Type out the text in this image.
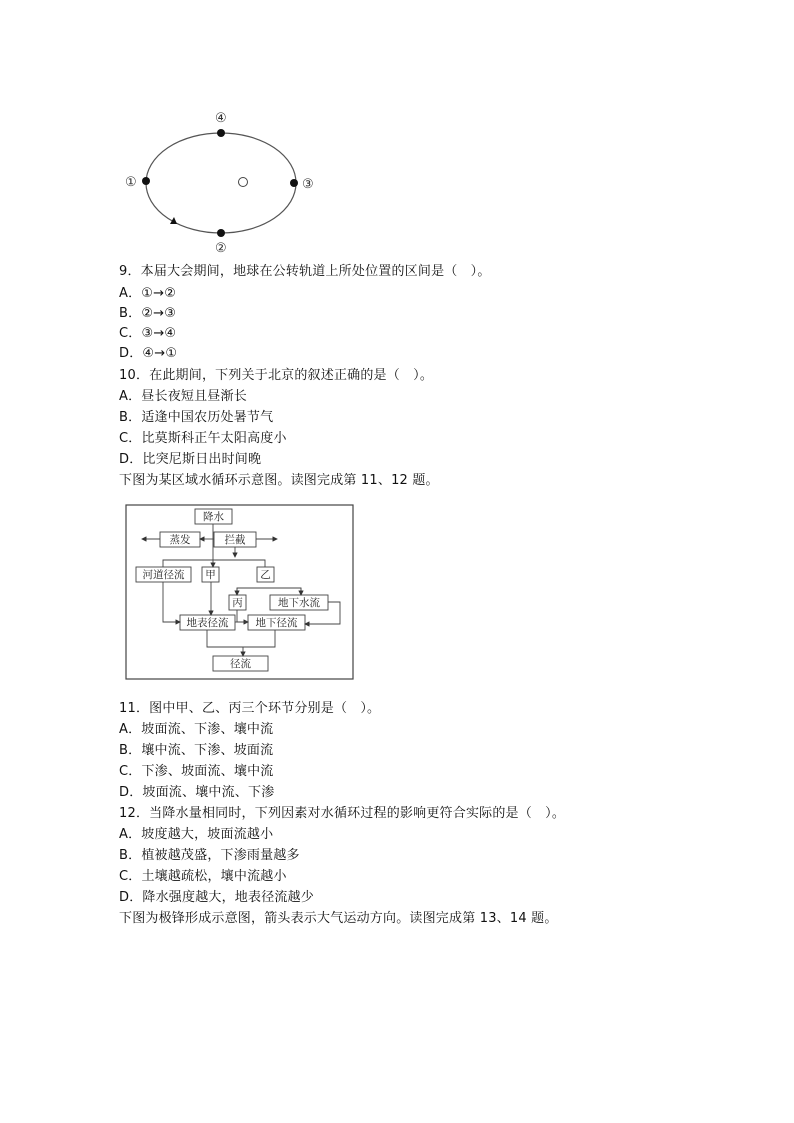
①
②
③
④
9．本届大会期间，地球在公转轨道上所处位置的区间是（　）。
A．①→②
B．②→③
C．③→④
D．④→①
10．在此期间，下列关于北京的叙述正确的是（　）。
A．昼长夜短且昼渐长
B．适逢中国农历处暑节气
C．比莫斯科正午太阳高度小
D．比突尼斯日出时间晚
下图为某区域水循环示意图。读图完成第 11、12 题。
降水
蒸发	拦截
河道径流 甲	乙
丙	地下水流
地表径流	地下径流
径流
11．图中甲、乙、丙三个环节分别是（　）。
A．坡面流、下渗、壤中流
B．壤中流、下渗、坡面流
C．下渗、坡面流、壤中流
D．坡面流、壤中流、下渗
12．当降水量相同时，下列因素对水循环过程的影响更符合实际的是（　）。
A．坡度越大，坡面流越小
B．植被越茂盛，下渗雨量越多
C．土壤越疏松，壤中流越小
D．降水强度越大，地表径流越少
下图为极锋形成示意图，箭头表示大气运动方向。读图完成第 13、14 题。
